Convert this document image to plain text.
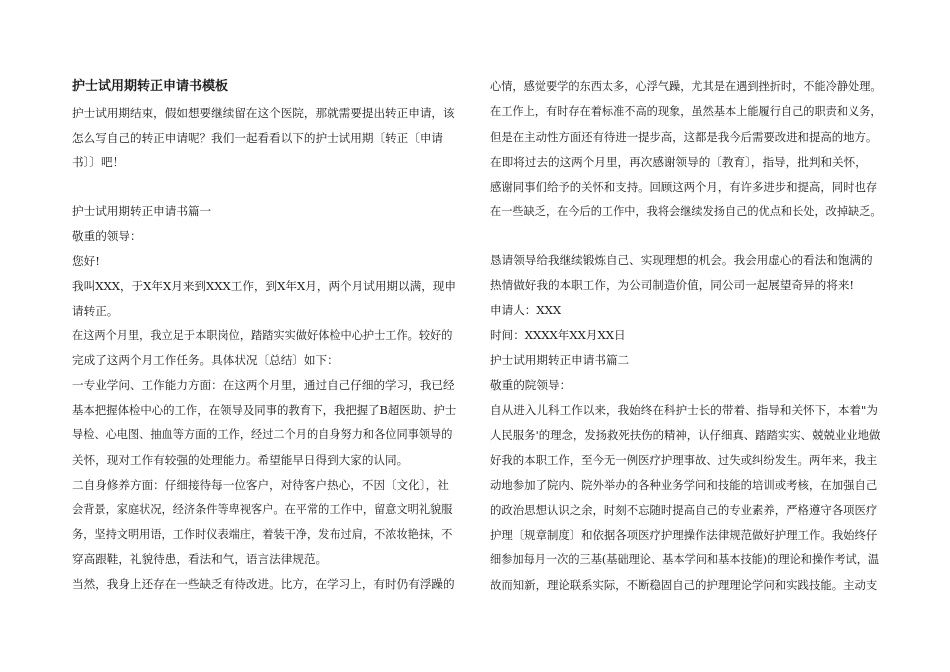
护士试用期转正申请书模板
护士试用期结束，假如想要继续留在这个医院，那就需要提出转正申请，该
怎么写自己的转正申请呢？我们一起看看以下的护士试用期〔转正〔申请
书〕〕吧！
护士试用期转正申请书篇一
敬重的领导：
您好!
我叫XXX，于X年X月来到XXX工作，到X年X月，两个月试用期以满，现申
请转正。
在这两个月里，我立足于本职岗位，踏踏实实做好体检中心护士工作。较好的
完成了这两个月工作任务。具体状况〔总结〕如下：
一专业学问、工作能力方面：在这两个月里，通过自己仔细的学习，我已经
基本把握体检中心的工作，在领导及同事的教育下，我把握了B超医助、护士
导检、心电图、抽血等方面的工作，经过二个月的自身努力和各位同事领导的
关怀，现对工作有较强的处理能力。希望能早日得到大家的认同。
二自身修养方面：仔细接待每一位客户，对待客户热心，不因〔文化〕，社
会背景，家庭状况，经济条件等卑视客户。在平常的工作中，留意文明礼貌服
务，坚持文明用语，工作时仪表端庄，着装干净，发布过肩，不浓妆艳抹，不
穿高跟鞋，礼貌待患，看法和气，语言法律规范。
当然，我身上还存在一些缺乏有待改进。比方，在学习上，有时仍有浮躁的
心情，感觉要学的东西太多，心浮气躁，尤其是在遇到挫折时，不能冷静处理。
在工作上，有时存在着标准不高的现象，虽然基本上能履行自己的职责和义务，
但是在主动性方面还有待进一提步高，这都是我今后需要改进和提高的地方。
在即将过去的这两个月里，再次感谢领导的〔教育〕，指导，批判和关怀，
感谢同事们给予的关怀和支持。回顾这两个月，有许多进步和提高，同时也存
在一些缺乏，在今后的工作中，我将会继续发扬自己的优点和长处，改掉缺乏。
恳请领导给我继续锻炼自己、实现理想的机会。我会用虚心的看法和饱满的
热情做好我的本职工作，为公司制造价值，同公司一起展望奇异的将来!
申请人：XXX
时间：XXXX年XX月XX日
护士试用期转正申请书篇二
敬重的院领导：
自从进入儿科工作以来，我始终在科护士长的带着、指导和关怀下，本着"为
人民服务'的理念，发扬救死扶伤的精神，认仔细真、踏踏实实、兢兢业业地做
好我的本职工作，至今无一例医疗护理事故、过失或纠纷发生。两年来，我主
动地参加了院内、院外举办的各种业务学问和技能的培训或考核，在加强自己
的政治思想认识之余，时刻不忘随时提高自己的专业素养，严格遵守各项医疗
护理〔规章制度〕和依据各项医疗护理操作法律规范做好护理工作。我始终仔
细参加每月一次的三基(基础理论、基本学问和基本技能)的理论和操作考试，温
故而知新，理论联系实际，不断稳固自己的护理理论学问和实践技能。主动支
